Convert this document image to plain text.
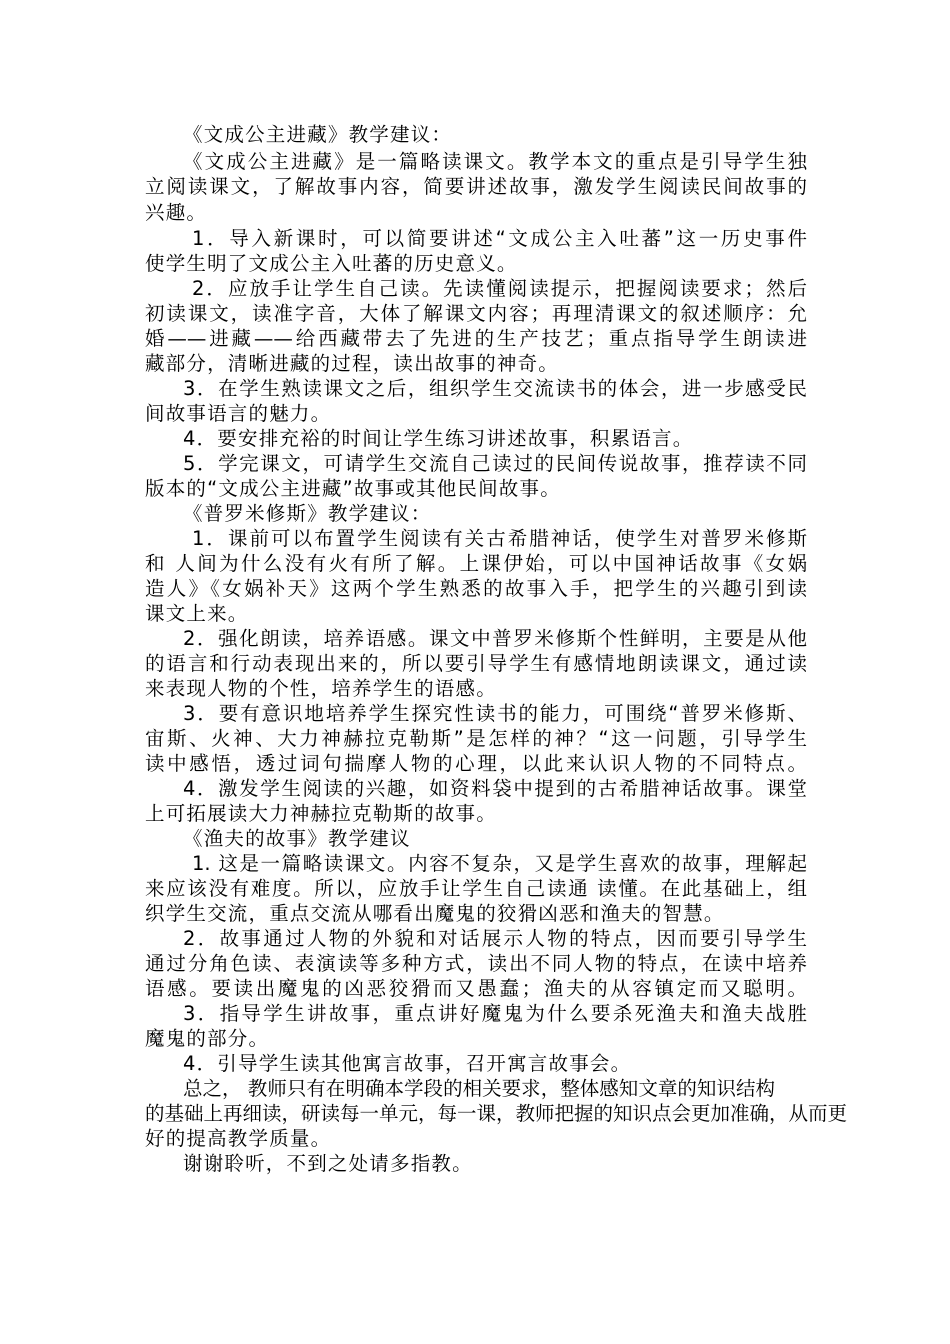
《文成公主进藏》教学建议：
《文成公主进藏》是一篇略读课文。教学本文的重点是引导学生独
立阅读课文，了解故事内容，简要讲述故事，激发学生阅读民间故事的
兴趣。
1．导入新课时，可以简要讲述“文成公主入吐蕃”这一历史事件
使学生明了文成公主入吐蕃的历史意义。
2．应放手让学生自己读。先读懂阅读提示，把握阅读要求；然后
初读课文，读准字音，大体了解课文内容；再理清课文的叙述顺序：允
婚——进藏——给西藏带去了先进的生产技艺；重点指导学生朗读进
藏部分，清晰进藏的过程，读出故事的神奇。
3．在学生熟读课文之后，组织学生交流读书的体会，进一步感受民
间故事语言的魅力。
4．要安排充裕的时间让学生练习讲述故事，积累语言。
5．学完课文，可请学生交流自己读过的民间传说故事，推荐读不同
版本的“文成公主进藏”故事或其他民间故事。
《普罗米修斯》教学建议：
1．课前可以布置学生阅读有关古希腊神话，使学生对普罗米修斯
和 人间为什么没有火有所了解。上课伊始，可以中国神话故事《女娲
造人》《女娲补天》这两个学生熟悉的故事入手，把学生的兴趣引到读
课文上来。
2．强化朗读，培养语感。课文中普罗米修斯个性鲜明，主要是从他
的语言和行动表现出来的，所以要引导学生有感情地朗读课文，通过读
来表现人物的个性，培养学生的语感。
3．要有意识地培养学生探究性读书的能力，可围绕“普罗米修斯、
宙斯、火神、大力神赫拉克勒斯”是怎样的神？“这一问题，引导学生
读中感悟，透过词句揣摩人物的心理，以此来认识人物的不同特点。
4．激发学生阅读的兴趣，如资料袋中提到的古希腊神话故事。课堂
上可拓展读大力神赫拉克勒斯的故事。
《渔夫的故事》教学建议
1. 这是一篇略读课文。内容不复杂，又是学生喜欢的故事，理解起
来应该没有难度。所以，应放手让学生自己读通 读懂。在此基础上，组
织学生交流，重点交流从哪看出魔鬼的狡猾凶恶和渔夫的智慧。
2．故事通过人物的外貌和对话展示人物的特点，因而要引导学生
通过分角色读、表演读等多种方式，读出不同人物的特点，在读中培养
语感。要读出魔鬼的凶恶狡猾而又愚蠢；渔夫的从容镇定而又聪明。
3．指导学生讲故事，重点讲好魔鬼为什么要杀死渔夫和渔夫战胜
魔鬼的部分。
4．引导学生读其他寓言故事，召开寓言故事会。
总之， 教师只有在明确本学段的相关要求，整体感知文章的知识结构
的基础上再细读，研读每一单元，每一课，教师把握的知识点会更加准确，从而更
好的提高教学质量。
谢谢聆听，不到之处请多指教。
